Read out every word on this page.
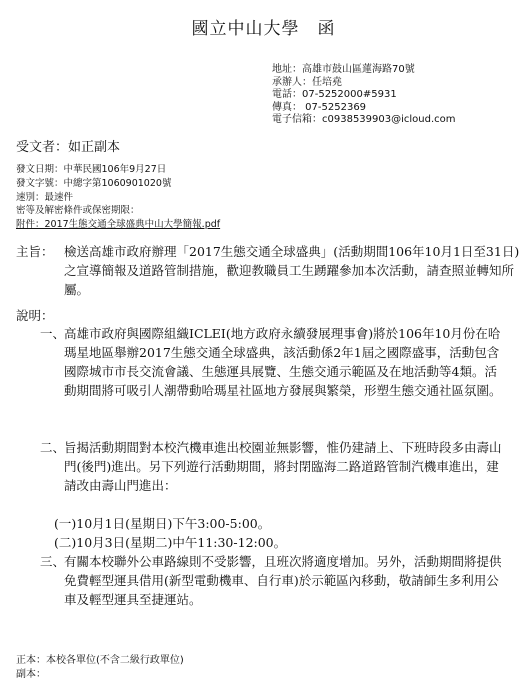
國立中山大學　函
地址：高雄市鼓山區蓮海路70號
承辦人：任培堯
電話：07-5252000#5931
傳真： 07-5252369
電子信箱：c0938539903@icloud.com
受文者：如正副本
發文日期：中華民國106年9月27日
發文字號：中總字第1060901020號
速別：最速件
密等及解密條件或保密期限：
附件：2017生態交通全球盛典中山大學簡報.pdf
主旨： 檢送高雄市政府辦理「2017生態交通全球盛典」(活動期間106年10月1日至31日)之宣導簡報及道路管制措施，歡迎教職員工生踴躍參加本次活動，請查照並轉知所屬。
說明：
一、
高雄市政府與國際組織ICLEI(地方政府永續發展理事會)將於106年10月份在哈瑪星地區舉辦2017生態交通全球盛典，該活動係2年1屆之國際盛事，活動包含國際城市市長交流會議、生態運具展覽、生態交通示範區及在地活動等4類。活動期間將可吸引人潮帶動哈瑪星社區地方發展與繁榮，形塑生態交通社區氛圍。
二、
旨揭活動期間對本校汽機車進出校園並無影響，惟仍建請上、下班時段多由壽山門(後門)進出。另下列遊行活動期間，將封閉臨海二路道路管制汽機車進出，建請改由壽山門進出：
(一)10月1日(星期日)下午3:00-5:00。
(二)10月3日(星期二)中午11:30-12:00。
三、
有關本校聯外公車路線則不受影響，且班次將適度增加。另外，活動期間將提供免費輕型運具借用(新型電動機車、自行車)於示範區內移動，敬請師生多利用公車及輕型運具至捷運站。
正本：本校各單位(不含二級行政單位)
副本：
